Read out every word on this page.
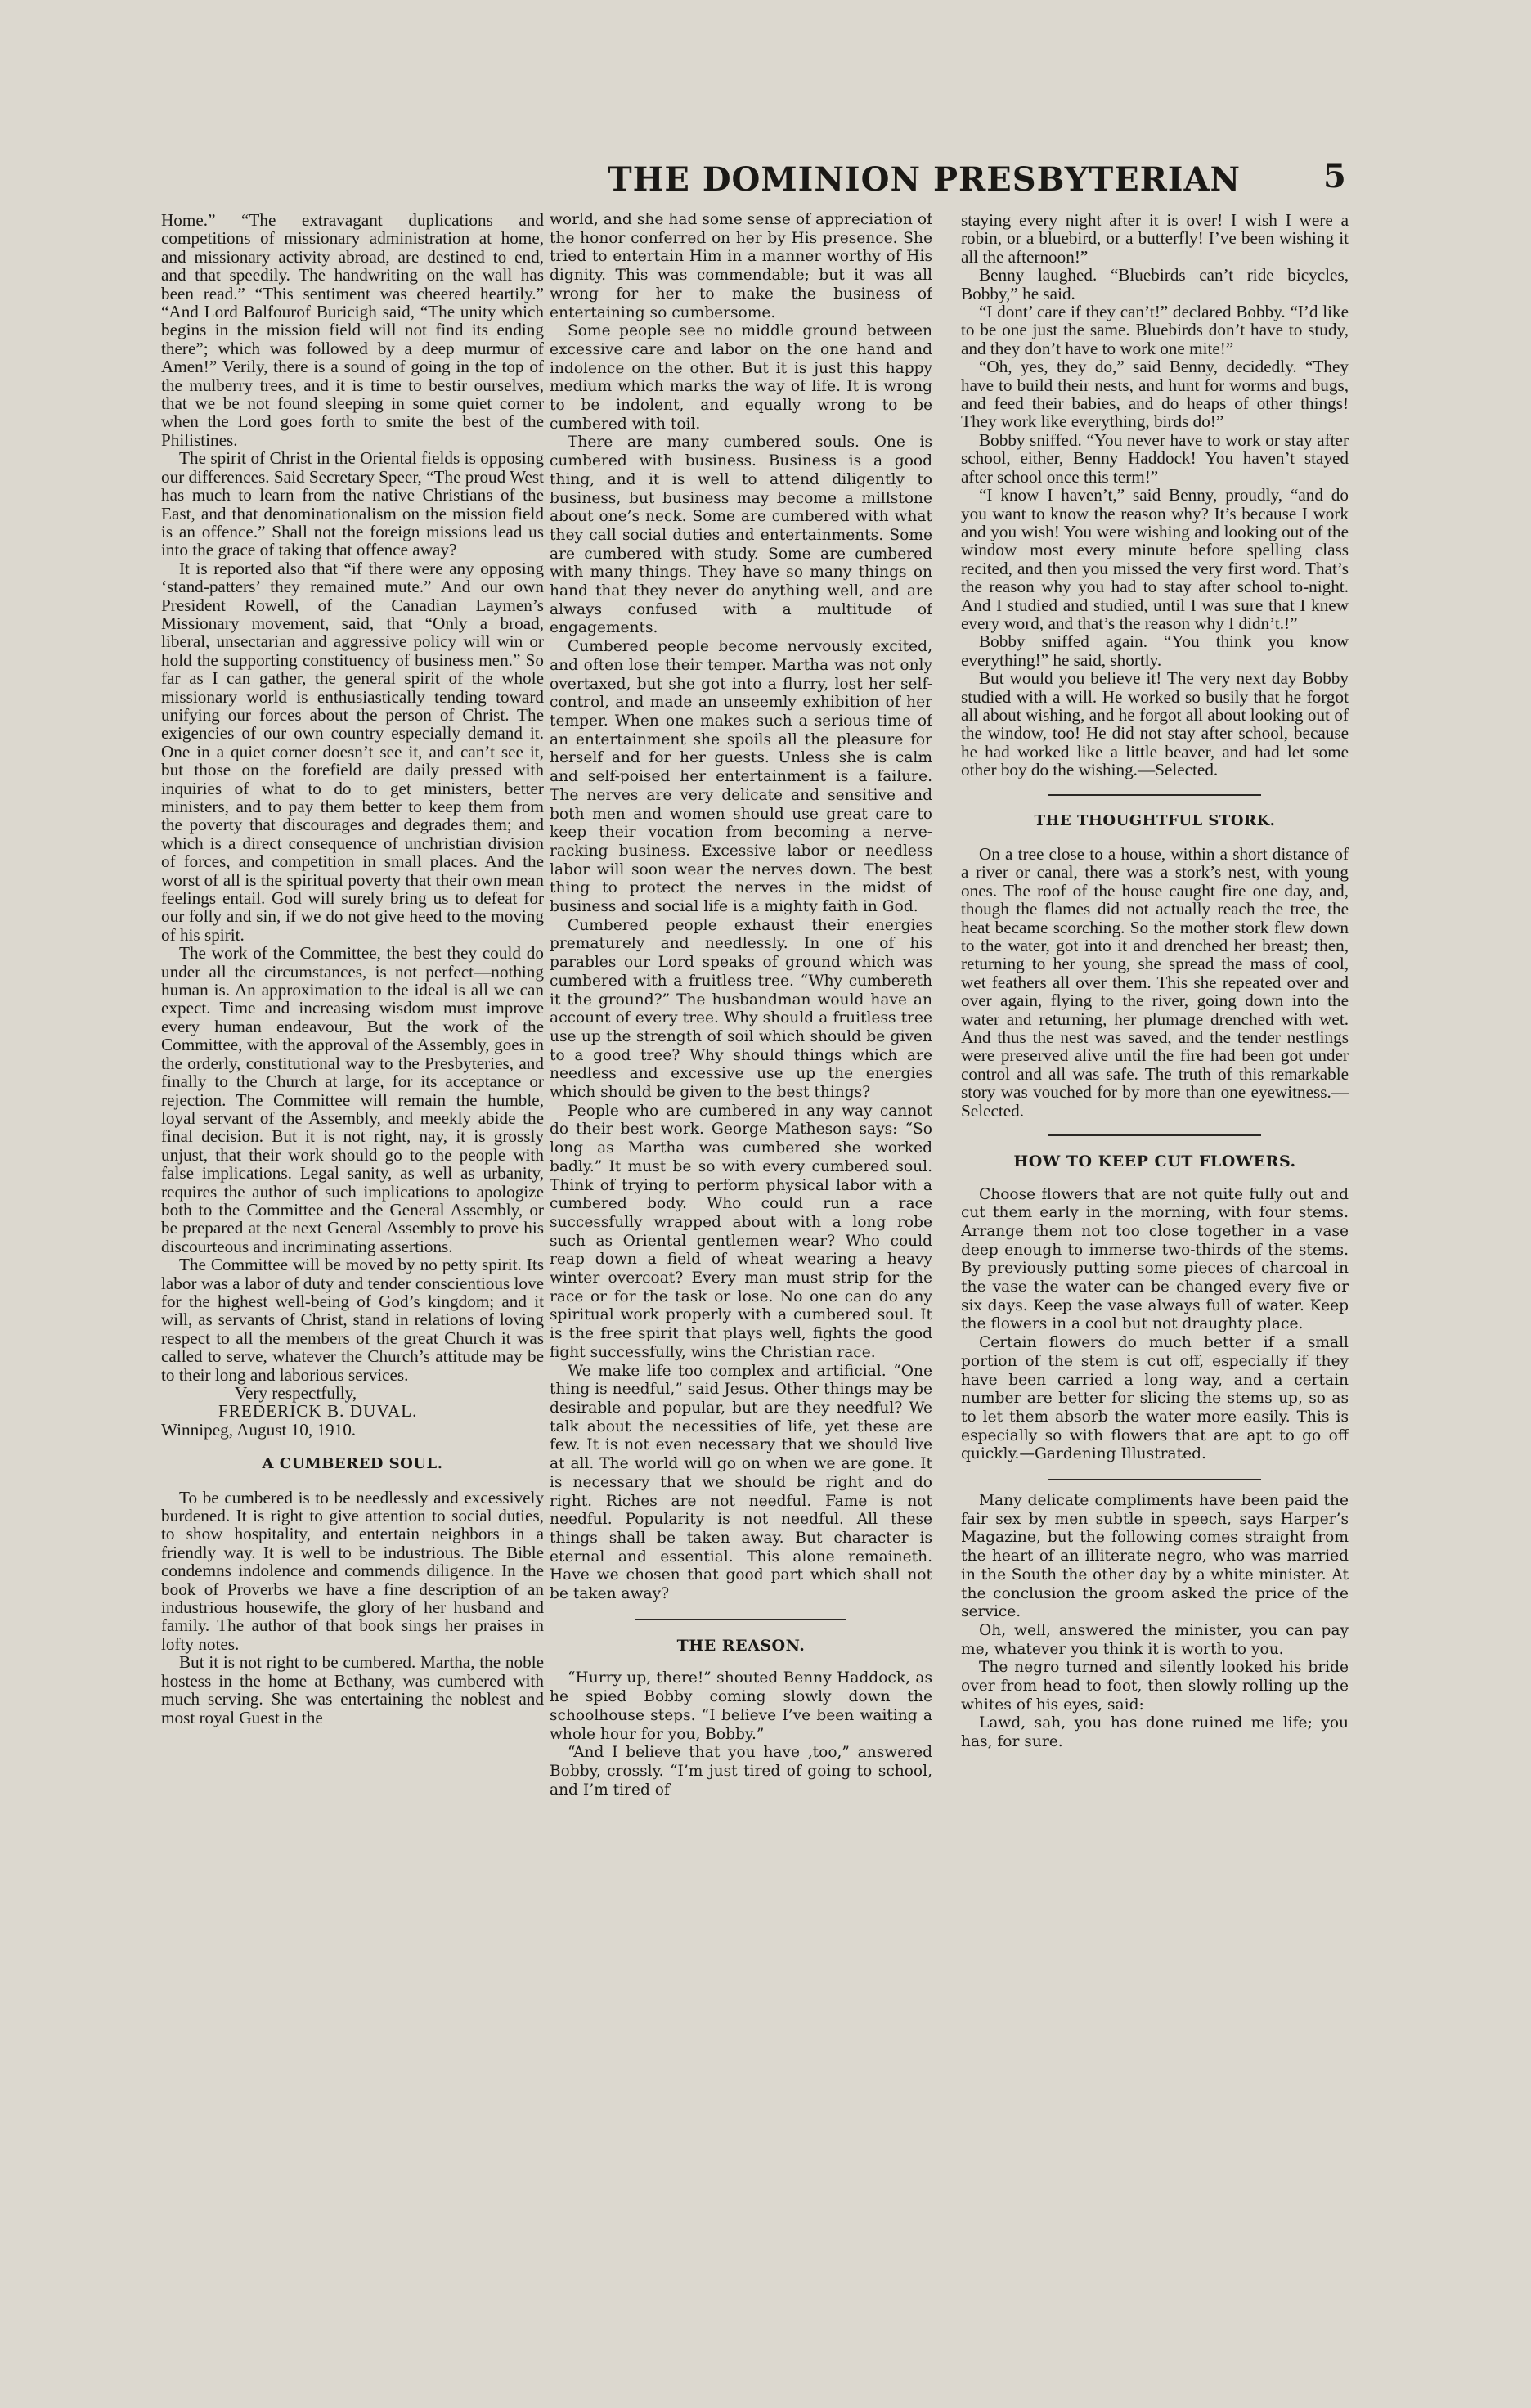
THE DOMINION PRESBYTERIAN	5

Home.” “The extravagant duplications and competitions of missionary administration at home, and missionary activity abroad, are destined to end, and that speedily. The handwriting on the wall has been read.” “This sentiment was cheered heartily.” “And Lord Balfourof Buricigh said, “The unity which begins in the mission field will not find its ending there”; which was followed by a deep murmur of Amen!” Verily, there is a sound of going in the top of the mulberry trees, and it is time to bestir ourselves, that we be not found sleeping in some quiet corner when the Lord goes forth to smite the best of the Philistines.

The spirit of Christ in the Oriental fields is opposing our differences. Said Secretary Speer, “The proud West has much to learn from the native Christians of the East, and that denominationalism on the mission field is an offence.” Shall not the foreign missions lead us into the grace of taking that offence away?

It is reported also that “if there were any opposing ‘stand-patters’ they remained mute.” And our own President Rowell, of the Canadian Laymen’s Missionary movement, said, that “Only a broad, liberal, unsectarian and aggressive policy will win or hold the supporting constituency of business men.” So far as I can gather, the general spirit of the whole missionary world is enthusiastically tending toward unifying our forces about the person of Christ. The exigencies of our own country especially demand it. One in a quiet corner doesn’t see it, and can’t see it, but those on the forefield are daily pressed with inquiries of what to do to get ministers, better ministers, and to pay them better to keep them from the poverty that discourages and degrades them; and which is a direct consequence of unchristian division of forces, and competition in small places. And the worst of all is the spiritual poverty that their own mean feelings entail. God will surely bring us to defeat for our folly and sin, if we do not give heed to the moving of his spirit.

The work of the Committee, the best they could do under all the circumstances, is not perfect—nothing human is. An approximation to the ideal is all we can expect. Time and increasing wisdom must improve every human endeavour, But the work of the Committee, with the approval of the Assembly, goes in the orderly, constitutional way to the Presbyteries, and finally to the Church at large, for its acceptance or rejection. The Committee will remain the humble, loyal servant of the Assembly, and meekly abide the final decision. But it is not right, nay, it is grossly unjust, that their work should go to the people with false implications. Legal sanity, as well as urbanity, requires the author of such implications to apologize both to the Committee and the General Assembly, or be prepared at the next General Assembly to prove his discourteous and incriminating assertions.

The Committee will be moved by no petty spirit. Its labor was a labor of duty and tender conscientious love for the highest well-being of God’s kingdom; and it will, as servants of Christ, stand in relations of loving respect to all the members of the great Church it was called to serve, whatever the Church’s attitude may be to their long and laborious services.

Very respectfully,

FREDERICK B. DUVAL.

Winnipeg, August 10, 1910.

A CUMBERED SOUL.

To be cumbered is to be needlessly and excessively burdened. It is right to give attention to social duties, to show hospitality, and entertain neighbors in a friendly way. It is well to be industrious. The Bible condemns indolence and commends diligence. In the book of Proverbs we have a fine description of an industrious housewife, the glory of her husband and family. The author of that book sings her praises in lofty notes.

But it is not right to be cumbered. Martha, the noble hostess in the home at Bethany, was cumbered with much serving. She was entertaining the noblest and most royal Guest in the

world, and she had some sense of appreciation of the honor conferred on her by His presence. She tried to entertain Him in a manner worthy of His dignity. This was commendable; but it was all wrong for her to make the business of entertaining so cumbersome.

Some people see no middle ground between excessive care and labor on the one hand and indolence on the other. But it is just this happy medium which marks the way of life. It is wrong to be indolent, and equally wrong to be cumbered with toil.

There are many cumbered souls. One is cumbered with business. Business is a good thing, and it is well to attend diligently to business, but business may become a millstone about one’s neck. Some are cumbered with what they call social duties and entertainments. Some are cumbered with study. Some are cumbered with many things. They have so many things on hand that they never do anything well, and are always confused with a multitude of engagements.

Cumbered people become nervously excited, and often lose their temper. Martha was not only overtaxed, but she got into a flurry, lost her self-control, and made an unseemly exhibition of her temper. When one makes such a serious time of an entertainment she spoils all the pleasure for herself and for her guests. Unless she is calm and self-poised her entertainment is a failure. The nerves are very delicate and sensitive and both men and women should use great care to keep their vocation from becoming a nerve-racking business. Excessive labor or needless labor will soon wear the nerves down. The best thing to protect the nerves in the midst of business and social life is a mighty faith in God.

Cumbered people exhaust their energies prematurely and needlessly. In one of his parables our Lord speaks of ground which was cumbered with a fruitless tree. “Why cumbereth it the ground?” The husbandman would have an account of every tree. Why should a fruitless tree use up the strength of soil which should be given to a good tree? Why should things which are needless and excessive use up the energies which should be given to the best things?

People who are cumbered in any way cannot do their best work. George Matheson says: “So long as Martha was cumbered she worked badly.” It must be so with every cumbered soul. Think of trying to perform physical labor with a cumbered body. Who could run a race successfully wrapped about with a long robe such as Oriental gentlemen wear? Who could reap down a field of wheat wearing a heavy winter overcoat? Every man must strip for the race or for the task or lose. No one can do any spiritual work properly with a cumbered soul. It is the free spirit that plays well, fights the good fight successfully, wins the Christian race.

We make life too complex and artificial. “One thing is needful,” said Jesus. Other things may be desirable and popular, but are they needful? We talk about the necessities of life, yet these are few. It is not even necessary that we should live at all. The world will go on when we are gone. It is necessary that we should be right and do right. Riches are not needful. Fame is not needful. Popularity is not needful. All these things shall be taken away. But character is eternal and essential. This alone remaineth. Have we chosen that good part which shall not be taken away?

THE REASON.

“Hurry up, there!” shouted Benny Haddock, as he spied Bobby coming slowly down the schoolhouse steps. “I believe I’ve been waiting a whole hour for you, Bobby.”

“And I believe that you have ,too,” answered Bobby, crossly. “I’m just tired of going to school, and I’m tired of

staying every night after it is over! I wish I were a robin, or a bluebird, or a butterfly! I’ve been wishing it all the afternoon!”

Benny laughed. “Bluebirds can’t ride bicycles, Bobby,” he said.

“I dont’ care if they can’t!” declared Bobby. “I’d like to be one just the same. Bluebirds don’t have to study, and they don’t have to work one mite!”

“Oh, yes, they do,” said Benny, decidedly. “They have to build their nests, and hunt for worms and bugs, and feed their babies, and do heaps of other things! They work like everything, birds do!”

Bobby sniffed. “You never have to work or stay after school, either, Benny Haddock! You haven’t stayed after school once this term!”

“I know I haven’t,” said Benny, proudly, “and do you want to know the reason why? It’s because I work and you wish! You were wishing and looking out of the window most every minute before spelling class recited, and then you missed the very first word. That’s the reason why you had to stay after school to-night. And I studied and studied, until I was sure that I knew every word, and that’s the reason why I didn’t.!”

Bobby sniffed again. “You think you know everything!” he said, shortly.

But would you believe it! The very next day Bobby studied with a will. He worked so busily that he forgot all about wishing, and he forgot all about looking out of the window, too! He did not stay after school, because he had worked like a little beaver, and had let some other boy do the wishing.—Selected.

THE THOUGHTFUL STORK.

On a tree close to a house, within a short distance of a river or canal, there was a stork’s nest, with young ones. The roof of the house caught fire one day, and, though the flames did not actually reach the tree, the heat became scorching. So the mother stork flew down to the water, got into it and drenched her breast; then, returning to her young, she spread the mass of cool, wet feathers all over them. This she repeated over and over again, flying to the river, going down into the water and returning, her plumage drenched with wet. And thus the nest was saved, and the tender nestlings were preserved alive until the fire had been got under control and all was safe. The truth of this remarkable story was vouched for by more than one eyewitness.—Selected.

HOW TO KEEP CUT FLOWERS.

Choose flowers that are not quite fully out and cut them early in the morning, with four stems. Arrange them not too close together in a vase deep enough to immerse two-thirds of the stems. By previously putting some pieces of charcoal in the vase the water can be changed every five or six days. Keep the vase always full of water. Keep the flowers in a cool but not draughty place.

Certain flowers do much better if a small portion of the stem is cut off, especially if they have been carried a long way, and a certain number are better for slicing the stems up, so as to let them absorb the water more easily. This is especially so with flowers that are apt to go off quickly.—Gardening Illustrated.

Many delicate compliments have been paid the fair sex by men subtle in speech, says Harper’s Magazine, but the following comes straight from the heart of an illiterate negro, who was married in the South the other day by a white minister. At the conclusion the groom asked the price of the service.

Oh, well, answered the minister, you can pay me, whatever you think it is worth to you.

The negro turned and silently looked his bride over from head to foot, then slowly rolling up the whites of his eyes, said:

Lawd, sah, you has done ruined me life; you has, for sure.
